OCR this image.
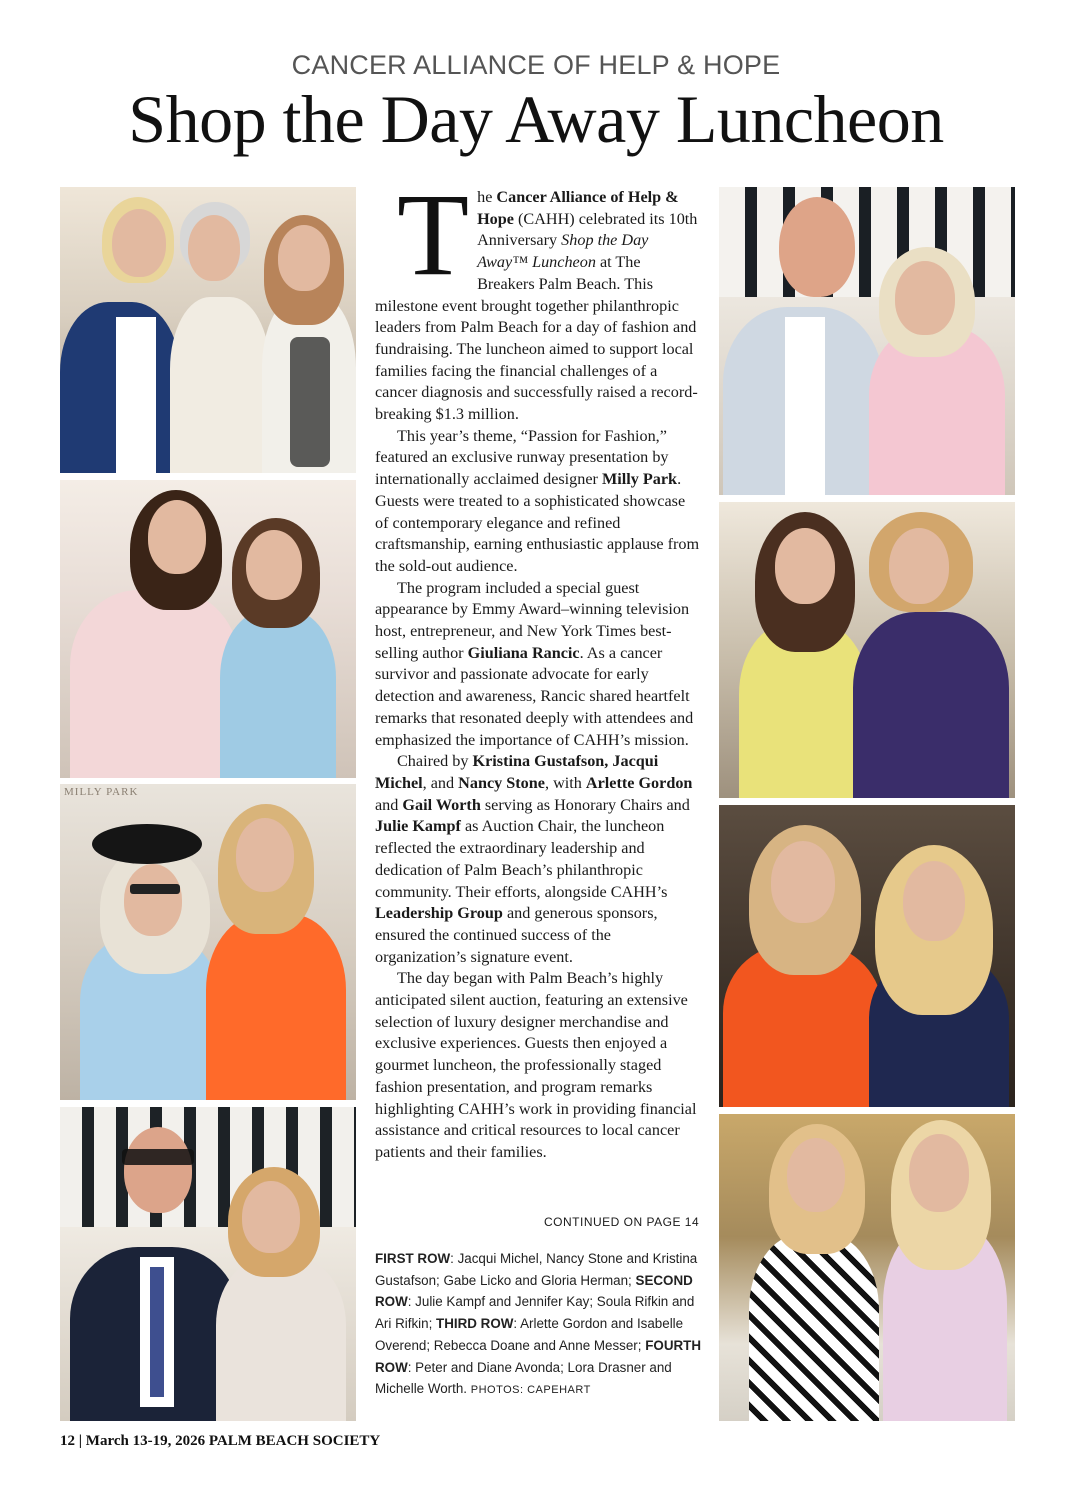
CANCER ALLIANCE OF HELP & HOPE
Shop the Day Away Luncheon
MILLY PARK

The Cancer Alliance of Help & Hope (CAHH) celebrated its 10th Anniversary Shop the Day Away™ Luncheon at The Breakers Palm Beach. This milestone event brought together philanthropic leaders from Palm Beach for a day of fashion and fundraising. The luncheon aimed to support local families facing the financial challenges of a cancer diagnosis and successfully raised a record-breaking $1.3 million.

This year’s theme, “Passion for Fashion,” featured an exclusive runway presentation by internationally acclaimed designer Milly Park. Guests were treated to a sophisticated showcase of contemporary elegance and refined craftsmanship, earning enthusiastic applause from the sold-out audience.

The program included a special guest appearance by Emmy Award–winning television host, entrepreneur, and New York Times best-selling author Giuliana Rancic. As a cancer survivor and passionate advocate for early detection and awareness, Rancic shared heartfelt remarks that resonated deeply with attendees and emphasized the importance of CAHH’s mission.

Chaired by Kristina Gustafson, Jacqui Michel, and Nancy Stone, with Arlette Gordon and Gail Worth serving as Honorary Chairs and Julie Kampf as Auction Chair, the luncheon reflected the extraordinary leadership and dedication of Palm Beach’s philanthropic community. Their efforts, alongside CAHH’s Leadership Group and generous sponsors, ensured the continued success of the organization’s signature event.

The day began with Palm Beach’s highly anticipated silent auction, featuring an extensive selection of luxury designer merchandise and exclusive experiences. Guests then enjoyed a gourmet luncheon, the professionally staged fashion presentation, and program remarks highlighting CAHH’s work in providing financial assistance and critical resources to local cancer patients and their families.

CONTINUED ON PAGE 14
FIRST ROW: Jacqui Michel, Nancy Stone and Kristina Gustafson; Gabe Licko and Gloria Herman; SECOND ROW: Julie Kampf and Jennifer Kay; Soula Rifkin and Ari Rifkin; THIRD ROW: Arlette Gordon and Isabelle Overend; Rebecca Doane and Anne Messer; FOURTH ROW: Peter and Diane Avonda; Lora Drasner and Michelle Worth. PHOTOS: CAPEHART
12 | March 13-19, 2026 PALM BEACH SOCIETY
